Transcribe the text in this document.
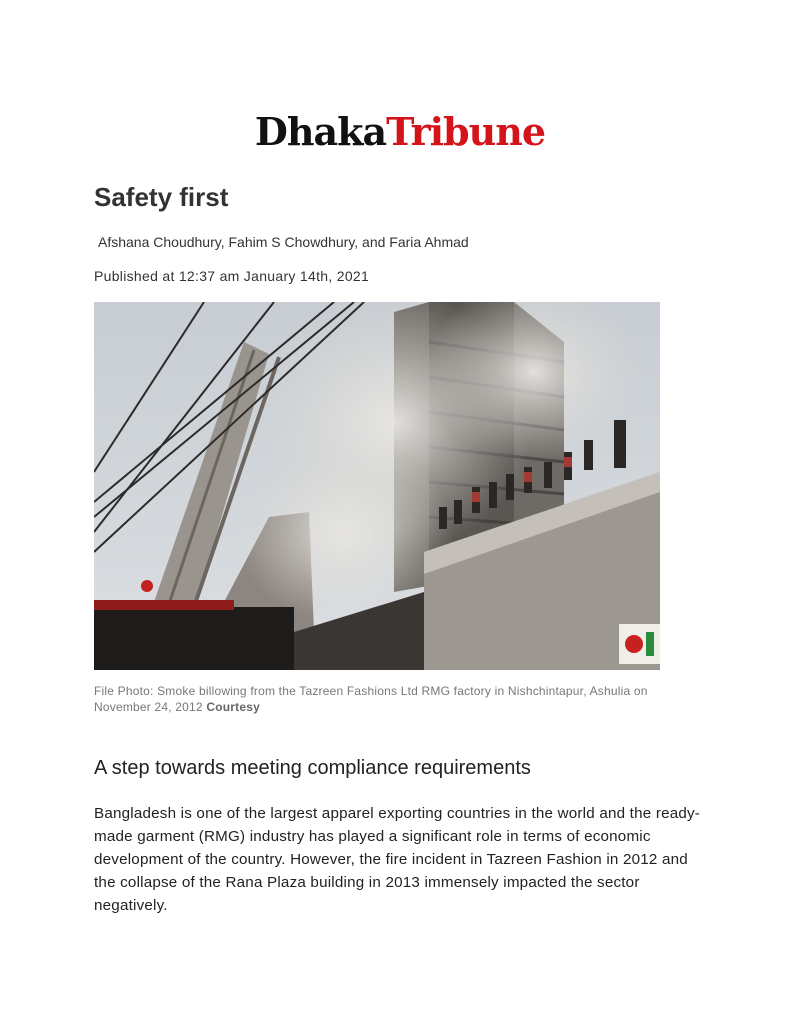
DhakaTribune
Safety first
Afshana Choudhury, Fahim S Chowdhury, and Faria Ahmad
Published at 12:37 am January 14th, 2021
File Photo: Smoke billowing from the Tazreen Fashions Ltd RMG factory in Nishchintapur, Ashulia on November 24, 2012 Courtesy
A step towards meeting compliance requirements

Bangladesh is one of the largest apparel exporting countries in the world and the ready-made garment (RMG) industry has played a significant role in terms of economic development of the country. However, the fire incident in Tazreen Fashion in 2012 and the collapse of the Rana Plaza building in 2013 immensely impacted the sector negatively.
